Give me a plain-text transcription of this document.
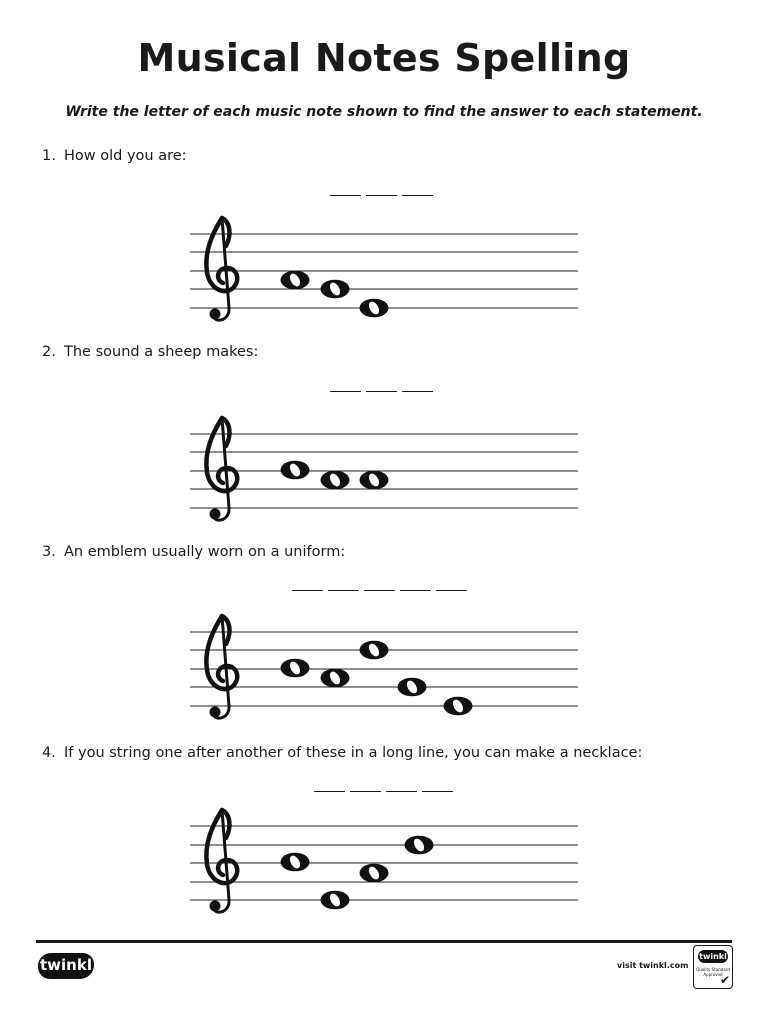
Musical Notes Spelling
Write the letter of each music note shown to find the answer to each statement.
1. How old you are:
2. The sound a sheep makes:
3. An emblem usually worn on a uniform:
4. If you string one after another of these in a long line, you can make a necklace:
twinkl	visit twinkl.com
twinkl
Quality Standard Approved
✔
